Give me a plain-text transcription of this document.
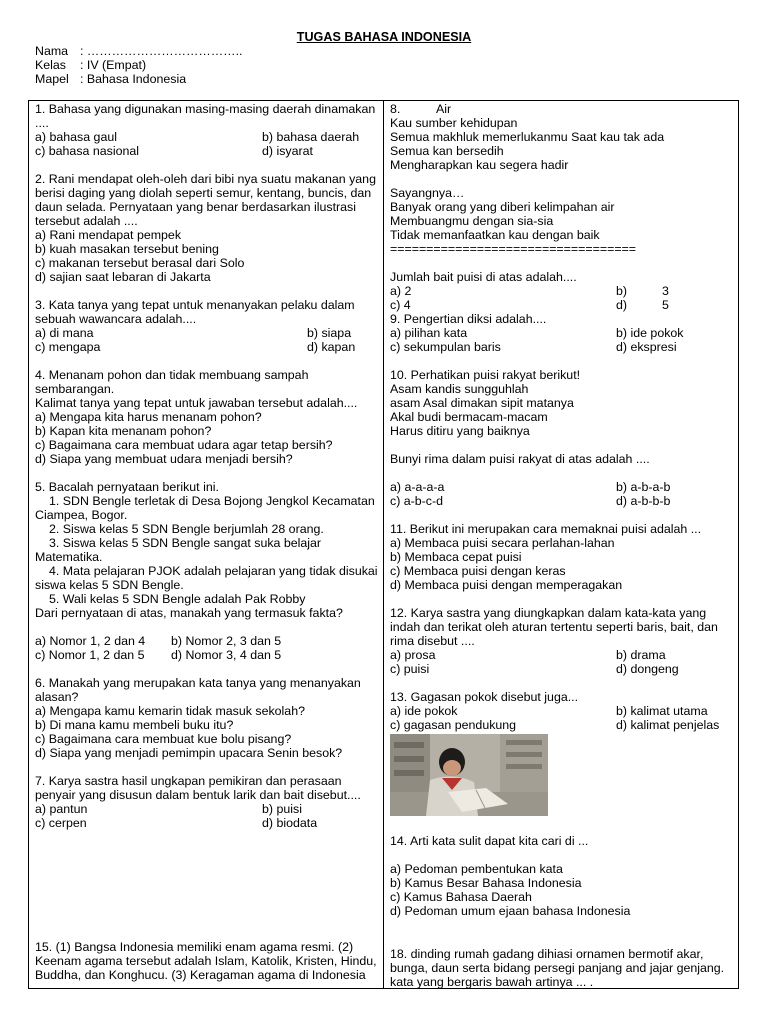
TUGAS BAHASA INDONESIA
Nama : ………………………………..
Kelas	: IV (Empat)
Mapel : Bahasa Indonesia

1. Bahasa yang digunakan masing-masing daerah dinamakan ....

a) bahasa gaul	b) bahasa daerah
c) bahasa nasional	d) isyarat

2. Rani mendapat oleh-oleh dari bibi nya suatu makanan yang berisi daging yang diolah seperti semur, kentang, buncis, dan daun selada. Pernyataan yang benar berdasarkan ilustrasi tersebut adalah ....

a) Rani mendapat pempek
b) kuah masakan tersebut bening
c) makanan tersebut berasal dari Solo
d) sajian saat lebaran di Jakarta

3. Kata tanya yang tepat untuk menanyakan pelaku dalam sebuah wawancara adalah....

a) di mana	b) siapa
c) mengapa	d) kapan

4. Menanam pohon dan tidak membuang sampah sembarangan.

Kalimat tanya yang tepat untuk jawaban tersebut adalah....

a) Mengapa kita harus menanam pohon?
b) Kapan kita menanam pohon?
c) Bagaimana cara membuat udara agar tetap bersih?
d) Siapa yang membuat udara menjadi bersih?

5. Bacalah pernyataan berikut ini.

1. SDN Bengle terletak di Desa Bojong Jengkol Kecamatan Ciampea, Bogor.

2. Siswa kelas 5 SDN Bengle berjumlah 28 orang.

3. Siswa kelas 5 SDN Bengle sangat suka belajar Matematika.

4. Mata pelajaran PJOK adalah pelajaran yang tidak disukai siswa kelas 5 SDN Bengle.

5. Wali kelas 5 SDN Bengle adalah Pak Robby

Dari pernyataan di atas, manakah yang termasuk fakta?

a) Nomor 1, 2 dan 4	b) Nomor 2, 3 dan 5
c) Nomor 1, 2 dan 5	d) Nomor 3, 4 dan 5

6. Manakah yang merupakan kata tanya yang menanyakan alasan?

a) Mengapa kamu kemarin tidak masuk sekolah?
b) Di mana kamu membeli buku itu?
c) Bagaimana cara membuat kue bolu pisang?
d) Siapa yang menjadi pemimpin upacara Senin besok?

7. Karya sastra hasil ungkapan pemikiran dan perasaan penyair yang disusun dalam bentuk larik dan bait disebut....

a) pantun	b) puisi
c) cerpen	d) biodata

15. (1) Bangsa Indonesia memiliki enam agama resmi. (2) Keenam agama tersebut adalah Islam, Katolik, Kristen, Hindu, Buddha, dan Konghucu. (3) Keragaman agama di Indonesia

8.	Air
Kau sumber kehidupan
Semua makhluk memerlukanmu Saat kau tak ada
Semua kan bersedih
Mengharapkan kau segera hadir
Sayangnya…
Banyak orang yang diberi kelimpahan air
Membuangmu dengan sia-sia
Tidak memanfaatkan kau dengan baik
==================================

Jumlah bait puisi di atas adalah....

a) 2	b)	3
c) 4	d)	5

9. Pengertian diksi adalah....

a) pilihan kata	b) ide pokok
c) sekumpulan baris	d) ekspresi

10. Perhatikan puisi rakyat berikut!

Asam kandis sungguhlah
asam Asal dimakan sipit matanya
Akal budi bermacam-macam
Harus ditiru yang baiknya

Bunyi rima dalam puisi rakyat di atas adalah ....

a) a-a-a-a	b) a-b-a-b
c) a-b-c-d	d) a-b-b-b

11. Berikut ini merupakan cara memaknai puisi adalah ...

a) Membaca puisi secara perlahan-lahan
b) Membaca cepat puisi
c) Membaca puisi dengan keras
d) Membaca puisi dengan memperagakan

12. Karya sastra yang diungkapkan dalam kata-kata yang indah dan terikat oleh aturan tertentu seperti baris, bait, dan rima disebut ....

a) prosa	b) drama
c) puisi	d) dongeng

13. Gagasan pokok disebut juga...

a) ide pokok	b) kalimat utama
c) gagasan pendukung	d) kalimat penjelas

14. Arti kata sulit dapat kita cari di ...

a) Pedoman pembentukan kata
b) Kamus Besar Bahasa Indonesia
c) Kamus Bahasa Daerah
d) Pedoman umum ejaan bahasa Indonesia

18. dinding rumah gadang dihiasi ornamen bermotif akar, bunga, daun serta bidang persegi panjang and jajar genjang. kata yang bergaris bawah artinya ... .
